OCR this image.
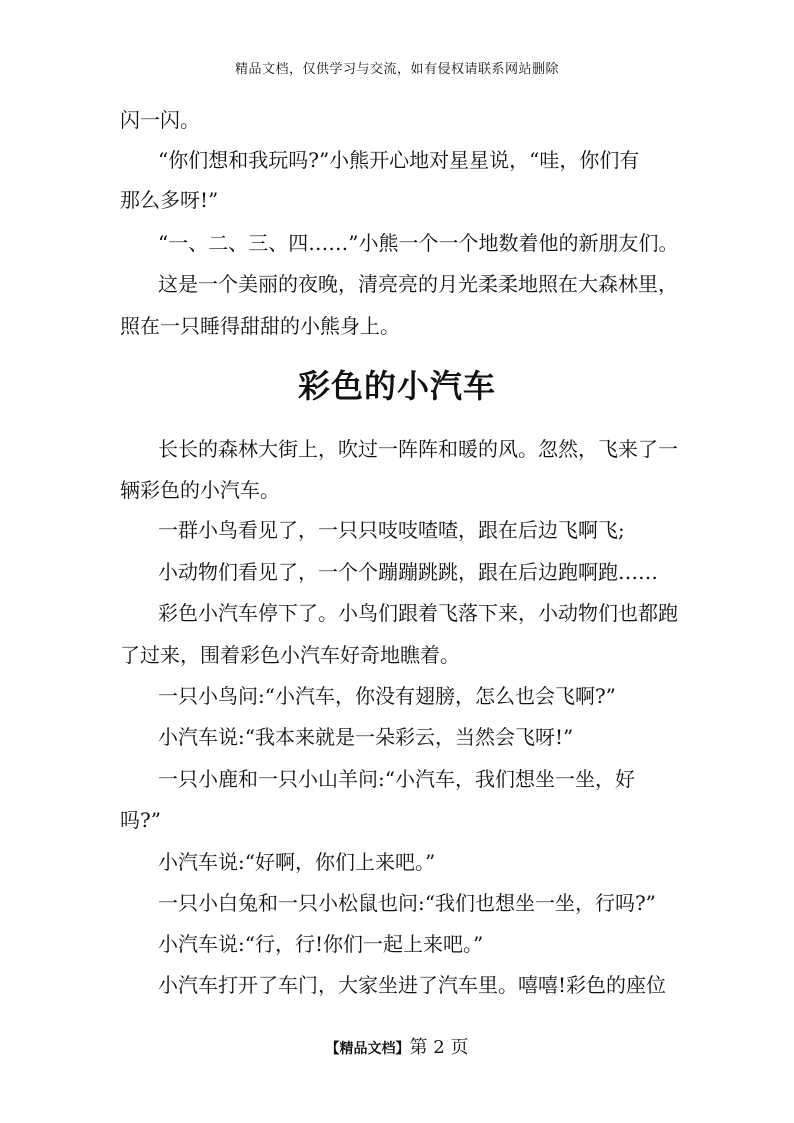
精品文档，仅供学习与交流，如有侵权请联系网站删除
闪一闪。
“你们想和我玩吗?”小熊开心地对星星说，“哇，你们有
那么多呀!”
“一、二、三、四……”小熊一个一个地数着他的新朋友们。
这是一个美丽的夜晚，清亮亮的月光柔柔地照在大森林里，
照在一只睡得甜甜的小熊身上。
彩色的小汽车
长长的森林大街上，吹过一阵阵和暖的风。忽然，飞来了一
辆彩色的小汽车。
一群小鸟看见了，一只只吱吱喳喳，跟在后边飞啊飞;
小动物们看见了，一个个蹦蹦跳跳，跟在后边跑啊跑……
彩色小汽车停下了。小鸟们跟着飞落下来，小动物们也都跑
了过来，围着彩色小汽车好奇地瞧着。
一只小鸟问:“小汽车，你没有翅膀，怎么也会飞啊?”
小汽车说:“我本来就是一朵彩云，当然会飞呀!”
一只小鹿和一只小山羊问:“小汽车，我们想坐一坐，好
吗?”
小汽车说:“好啊，你们上来吧。”
一只小白兔和一只小松鼠也问:“我们也想坐一坐，行吗?”
小汽车说:“行，行!你们一起上来吧。”
小汽车打开了车门，大家坐进了汽车里。嘻嘻!彩色的座位
【精品文档】第 2 页
